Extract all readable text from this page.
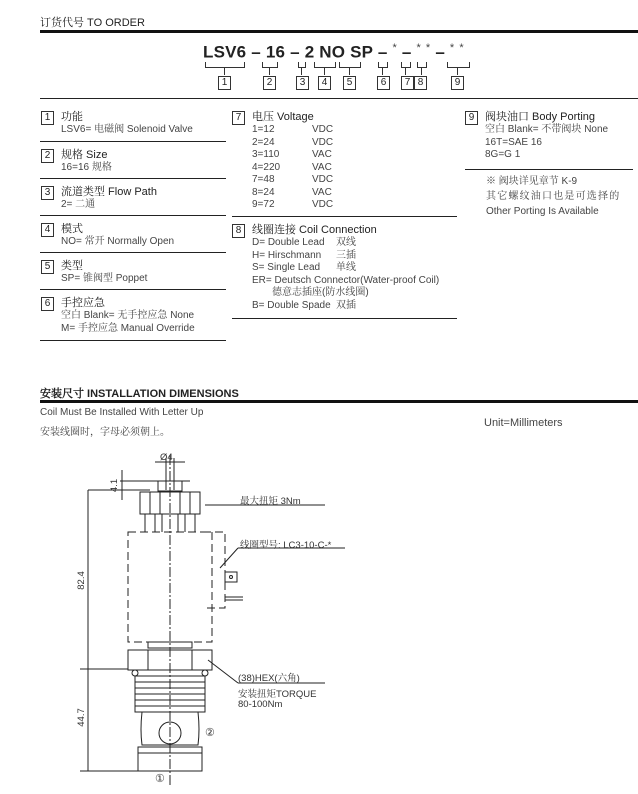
订货代号 TO ORDER
LSV6 – 16 – 2 NO SP – * – * * – * *
1	2	3	4	5	6	7 8	9
1 功能
LSV6= 电磁阀 Solenoid Valve
2 规格 Size
16=16 规格
3 流道类型 Flow Path
2= 二通
4 模式
NO= 常开 Normally Open
5 类型
SP= 锥阀型 Poppet
6 手控应急
空白 Blank= 无手控应急 None
M= 手控应急 Manual Override
7 电压 Voltage
1=12	VDC
2=24	VDC
3=110	VAC
4=220	VAC
7=48	VDC
8=24	VAC
9=72	VDC
8 线圈连接 Coil Connection
D= Double Lead	双线
H= Hirschmann	三插
S= Single Lead	单线
ER= Deutsch Connector(Water-proof Coil)
德意志插座(防水线圈)
B= Double Spade 双插
9 阀块油口 Body Porting
空白 Blank= 不带阀块 None
16T=SAE 16
8G=G 1
※ 阀块详见章节 K-9
其它螺纹油口也是可选择的
Other Porting Is Available
安装尺寸 INSTALLATION DIMENSIONS
Coil Must Be Installed With Letter Up
安装线圈时，字母必须朝上。
Unit=Millimeters
Ø4
4.1
82.4
44.7
最大扭矩 3Nm
线圈型号: LC3-10-C-*
(38)HEX(六角)
安装扭矩TORQUE
80-100Nm
②
①
